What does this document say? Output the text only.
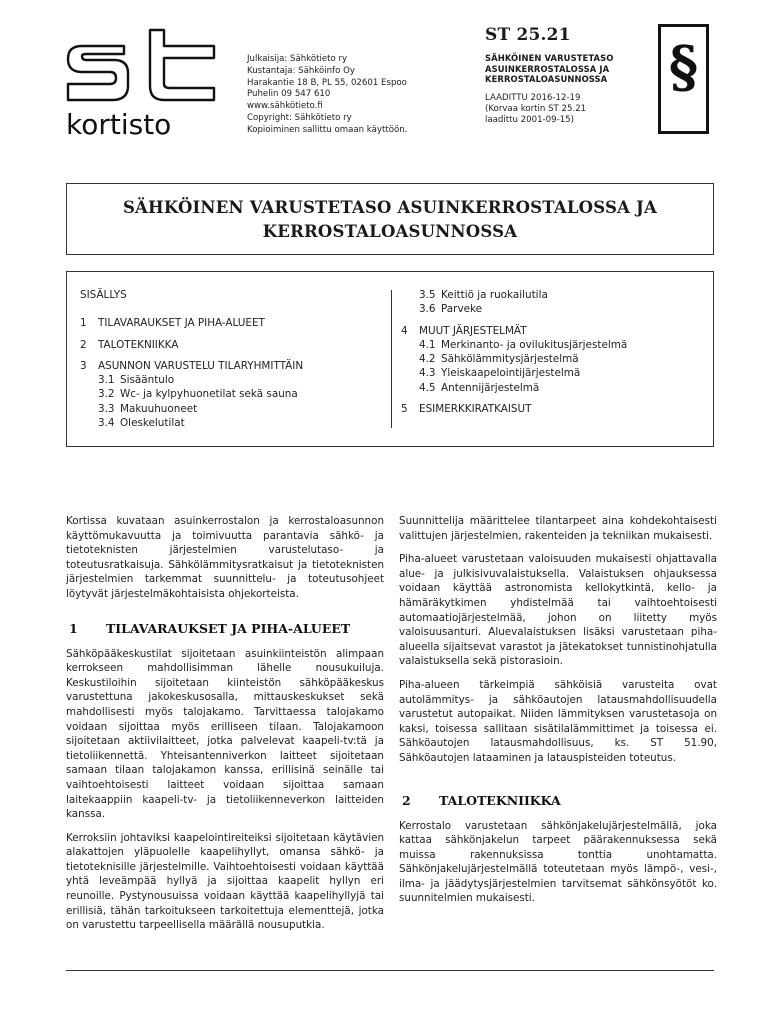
kortisto
Julkaisija: Sähkötieto ry
Kustantaja: Sähköinfo Oy
Harakantie 18 B, PL 55, 02601 Espoo
Puhelin 09 547 610
www.sähkötieto.fi
Copyright: Sähkötieto ry
Kopioiminen sallittu omaan käyttöön.
ST 25.21
SÄHKÖINEN VARUSTETASO
ASUINKERROSTALOSSA JA
KERROSTALOASUNNOSSA
LAADITTU 2016-12-19
(Korvaa kortin ST 25.21
laadittu 2001-09-15)
§
SÄHKÖINEN VARUSTETASO ASUINKERROSTALOSSA JA
KERROSTALOASUNNOSSA
SISÄLLYS
1	TILAVARAUKSET JA PIHA-ALUEET
2	TALOTEKNIIKKA
3	ASUNNON VARUSTELU TILARYHMITTÄIN
3.1 Sisääntulo
3.2 Wc- ja kylpyhuonetilat sekä sauna
3.3 Makuuhuoneet
3.4 Oleskelutilat
3.5 Keittiö ja ruokailutila
3.6 Parveke
4	MUUT JÄRJESTELMÄT
4.1 Merkinanto- ja ovilukitusjärjestelmä
4.2 Sähkölämmitysjärjestelmä
4.3 Yleiskaapelointijärjestelmä
4.5 Antennijärjestelmä
5	ESIMERKKIRATKAISUT

Kortissa kuvataan asuinkerrostalon ja kerrostaloasunnon käyttömukavuutta ja toimivuutta parantavia sähkö- ja tietoteknisten järjestelmien varustelutaso- ja toteutusratkaisuja. Sähkölämmitysratkaisut ja tietoteknisten järjestelmien tarkemmat suunnittelu- ja toteutusohjeet löytyvät järjestelmäkohtaisista ohjekorteista.

1	TILAVARAUKSET JA PIHA-ALUEET

Sähköpääkeskustilat sijoitetaan asuinkiinteistön alimpaan kerrokseen mahdollisimman lähelle nousukuiluja. Keskustiloihin sijoitetaan kiinteistön sähköpääkeskus varustettuna jakokeskusosalla, mittauskeskukset sekä mahdollisesti myös talojakamo. Tarvittaessa talojakamo voidaan sijoittaa myös erilliseen tilaan. Talojakamoon sijoitetaan aktiivilaitteet, jotka palvelevat kaapeli-tv:tä ja tietoliikennettä. Yhteisantenniverkon laitteet sijoitetaan samaan tilaan talojakamon kanssa, erillisinä seinälle tai vaihtoehtoisesti laitteet voidaan sijoittaa samaan laitekaappiin kaapeli-tv- ja tietoliikenneverkon laitteiden kanssa.

Kerroksiin johtaviksi kaapelointireiteiksi sijoitetaan käytävien alakattojen yläpuolelle kaapelihyllyt, omansa sähkö- ja tietoteknisille järjestelmille. Vaihtoehtoisesti voidaan käyttää yhtä leveämpää hyllyä ja sijoittaa kaapelit hyllyn eri reunoille. Pystynousuissa voidaan käyttää kaapelihyllyjä tai erillisiä, tähän tarkoitukseen tarkoitettuja elementtejä, jotka on varustettu tarpeellisella määrällä nousuputkia.

Suunnittelija määrittelee tilantarpeet aina kohdekohtaisesti valittujen järjestelmien, rakenteiden ja tekniikan mukaisesti.

Piha-alueet varustetaan valoisuuden mukaisesti ohjattavalla alue- ja julkisivuvalaistuksella. Valaistuksen ohjauksessa voidaan käyttää astronomista kellokytkintä, kello- ja hämäräkytkimen yhdistelmää tai vaihtoehtoisesti automaatiojärjestelmää, johon on liitetty myös valoisuusanturi. Aluevalaistuksen lisäksi varustetaan piha-alueella sijaitsevat varastot ja jätekatokset tunnistinohjatulla valaistuksella sekä pistorasioin.

Piha-alueen tärkeimpiä sähköisiä varusteita ovat autolämmitys- ja sähköautojen latausmahdollisuudella varustetut autopaikat. Niiden lämmityksen varustetasoja on kaksi, toisessa sallitaan sisätilalämmittimet ja toisessa ei. Sähköautojen latausmahdollisuus, ks. ST 51.90, Sähköautojen lataaminen ja latauspisteiden toteutus.

2	TALOTEKNIIKKA

Kerrostalo varustetaan sähkönjakelujärjestelmällä, joka kattaa sähkönjakelun tarpeet päärakennuksessa sekä muissa rakennuksissa tonttia unohtamatta. Sähkönjakelujärjestelmällä toteutetaan myös lämpö-, vesi-, ilma- ja jäädytysjärjestelmien tarvitsemat sähkönsyötöt ko. suunnitelmien mukaisesti.
